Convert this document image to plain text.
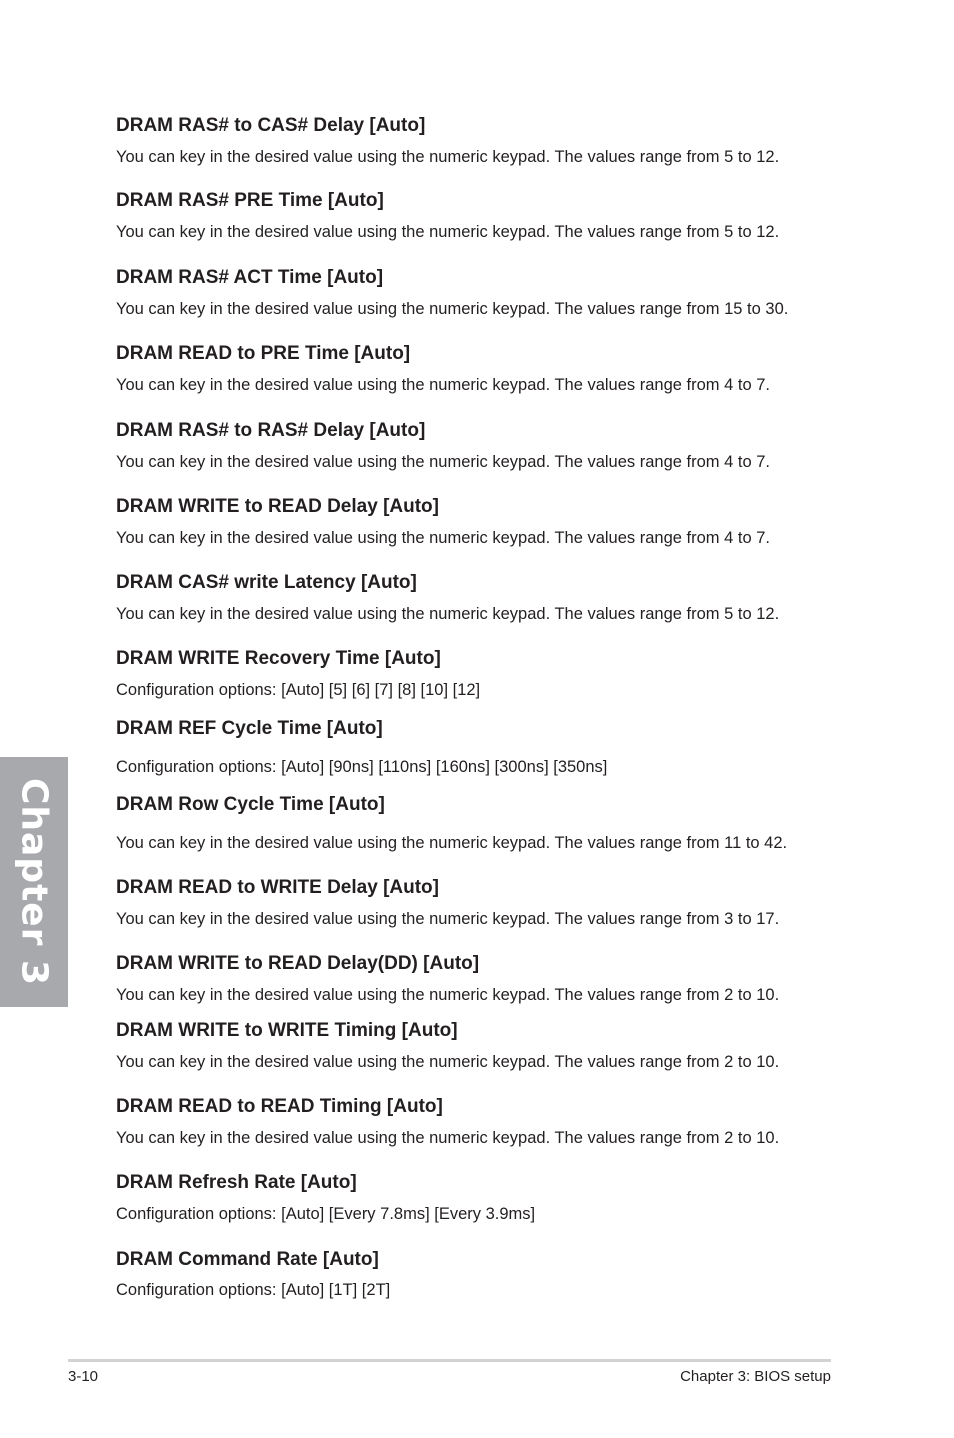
DRAM RAS# to CAS# Delay [Auto]
You can key in the desired value using the numeric keypad. The values range from 5 to 12.
DRAM RAS# PRE Time [Auto]
You can key in the desired value using the numeric keypad. The values range from 5 to 12.
DRAM RAS# ACT Time [Auto]
You can key in the desired value using the numeric keypad. The values range from 15 to 30.
DRAM READ to PRE Time [Auto]
You can key in the desired value using the numeric keypad. The values range from 4 to 7.
DRAM RAS# to RAS# Delay [Auto]
You can key in the desired value using the numeric keypad. The values range from 4 to 7.
DRAM WRITE to READ Delay [Auto]
You can key in the desired value using the numeric keypad. The values range from 4 to 7.
DRAM CAS# write Latency [Auto]
You can key in the desired value using the numeric keypad. The values range from 5 to 12.
DRAM WRITE Recovery Time [Auto]
Configuration options: [Auto] [5] [6] [7] [8] [10] [12]
DRAM REF Cycle Time [Auto]
Configuration options: [Auto] [90ns] [110ns] [160ns] [300ns] [350ns]
DRAM Row Cycle Time [Auto]
You can key in the desired value using the numeric keypad. The values range from 11 to 42.
DRAM READ to WRITE Delay [Auto]
You can key in the desired value using the numeric keypad. The values range from 3 to 17.
DRAM WRITE to READ Delay(DD) [Auto]
You can key in the desired value using the numeric keypad. The values range from 2 to 10.
DRAM WRITE to WRITE Timing [Auto]
You can key in the desired value using the numeric keypad. The values range from 2 to 10.
DRAM READ to READ Timing [Auto]
You can key in the desired value using the numeric keypad. The values range from 2 to 10.
DRAM Refresh Rate [Auto]
Configuration options: [Auto] [Every 7.8ms] [Every 3.9ms]
DRAM Command Rate [Auto]
Configuration options: [Auto] [1T] [2T]
Chapter 3
3-10	Chapter 3: BIOS setup
